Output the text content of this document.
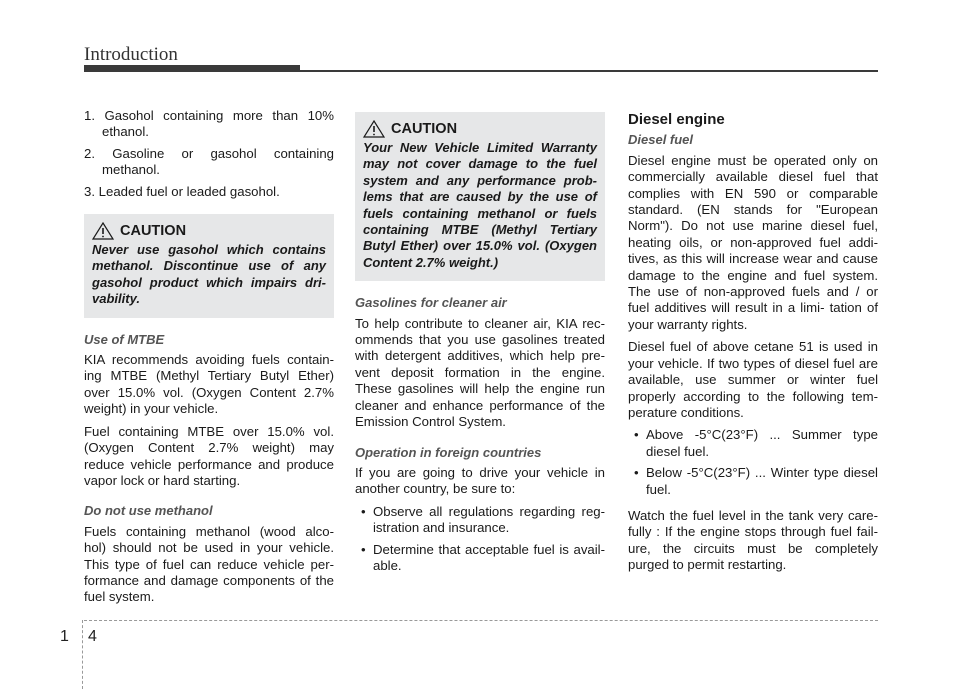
Introduction

1. Gasohol containing more than 10% ethanol.

2. Gasoline or gasohol containing methanol.

3. Leaded fuel or leaded gasohol.

CAUTION

Never use gasohol which contains methanol. Discontinue use of any gasohol product which impairs dri- vability.

Use of MTBE

KIA recommends avoiding fuels contain- ing MTBE (Methyl Tertiary Butyl Ether) over 15.0% vol. (Oxygen Content 2.7% weight) in your vehicle.

Fuel containing MTBE over 15.0% vol. (Oxygen Content 2.7% weight) may reduce vehicle performance and produce vapor lock or hard starting.

Do not use methanol

Fuels containing methanol (wood alco- hol) should not be used in your vehicle. This type of fuel can reduce vehicle per- formance and damage components of the fuel system.

CAUTION

Your New Vehicle Limited Warranty may not cover damage to the fuel system and any performance prob- lems that are caused by the use of fuels containing methanol or fuels containing MTBE (Methyl Tertiary Butyl Ether) over 15.0% vol. (Oxygen Content 2.7% weight.)

Gasolines for cleaner air

To help contribute to cleaner air, KIA rec- ommends that you use gasolines treated with detergent additives, which help pre- vent deposit formation in the engine. These gasolines will help the engine run cleaner and enhance performance of the Emission Control System.

Operation in foreign countries

If you are going to drive your vehicle in another country, be sure to:

• Observe all regulations regarding reg- istration and insurance.

• Determine that acceptable fuel is avail- able.

Diesel engine
Diesel fuel

Diesel engine must be operated only on commercially available diesel fuel that complies with EN 590 or comparable standard. (EN stands for "European Norm"). Do not use marine diesel fuel, heating oils, or non-approved fuel addi- tives, as this will increase wear and cause damage to the engine and fuel system. The use of non-approved fuels and / or fuel additives will result in a limi- tation of your warranty rights.

Diesel fuel of above cetane 51 is used in your vehicle. If two types of diesel fuel are available, use summer or winter fuel properly according to the following tem- perature conditions.

• Above -5°C(23°F) ... Summer type diesel fuel.

• Below -5°C(23°F) ... Winter type diesel fuel.

Watch the fuel level in the tank very care- fully : If the engine stops through fuel fail- ure, the circuits must be completely purged to permit restarting.

1 4
